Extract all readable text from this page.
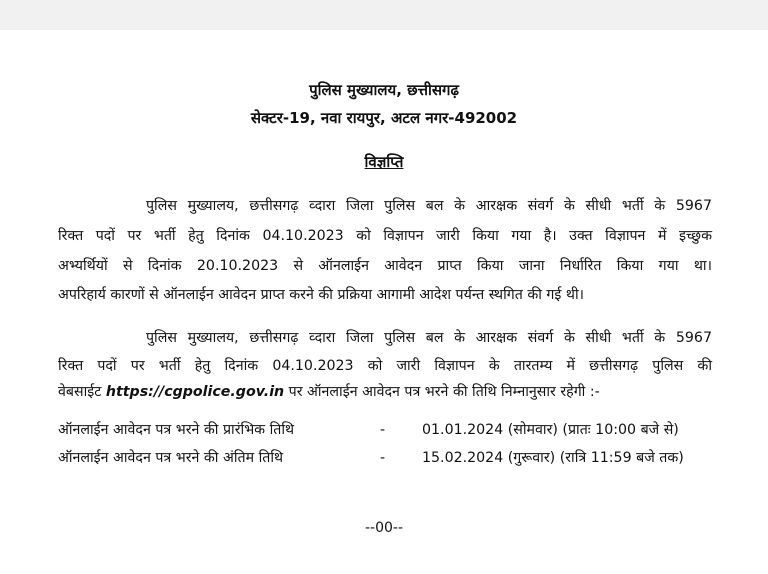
पुलिस मुख्यालय, छत्तीसगढ़
सेक्टर-19, नवा रायपुर, अटल नगर-492002
विज्ञप्ति
पुलिस मुख्यालय, छत्तीसगढ़ व्दारा जिला पुलिस बल के आरक्षक संवर्ग के सीधी भर्ती के 5967
रिक्त पदों पर भर्ती हेतु दिनांक 04.10.2023 को विज्ञापन जारी किया गया है। उक्त विज्ञापन में इच्छुक
अभ्यर्थियों से दिनांक 20.10.2023 से ऑनलाईन आवेदन प्राप्त किया जाना निर्धारित किया गया था।
अपरिहार्य कारणों से ऑनलाईन आवेदन प्राप्त करने की प्रक्रिया आगामी आदेश पर्यन्त स्थगित की गई थी।
पुलिस मुख्यालय, छत्तीसगढ़ व्दारा जिला पुलिस बल के आरक्षक संवर्ग के सीधी भर्ती के 5967
रिक्त पदों पर भर्ती हेतु दिनांक 04.10.2023 को जारी विज्ञापन के तारतम्य में छत्तीसगढ़ पुलिस की
वेबसाईट https://cgpolice.gov.in पर ऑनलाईन आवेदन पत्र भरने की तिथि निम्नानुसार रहेगी :-
ऑनलाईन आवेदन पत्र भरने की प्रारंभिक तिथि	-	01.01.2024 (सोमवार) (प्रातः 10:00 बजे से)
ऑनलाईन आवेदन पत्र भरने की अंतिम तिथि	-	15.02.2024 (गुरूवार) (रात्रि 11:59 बजे तक)
--00--
